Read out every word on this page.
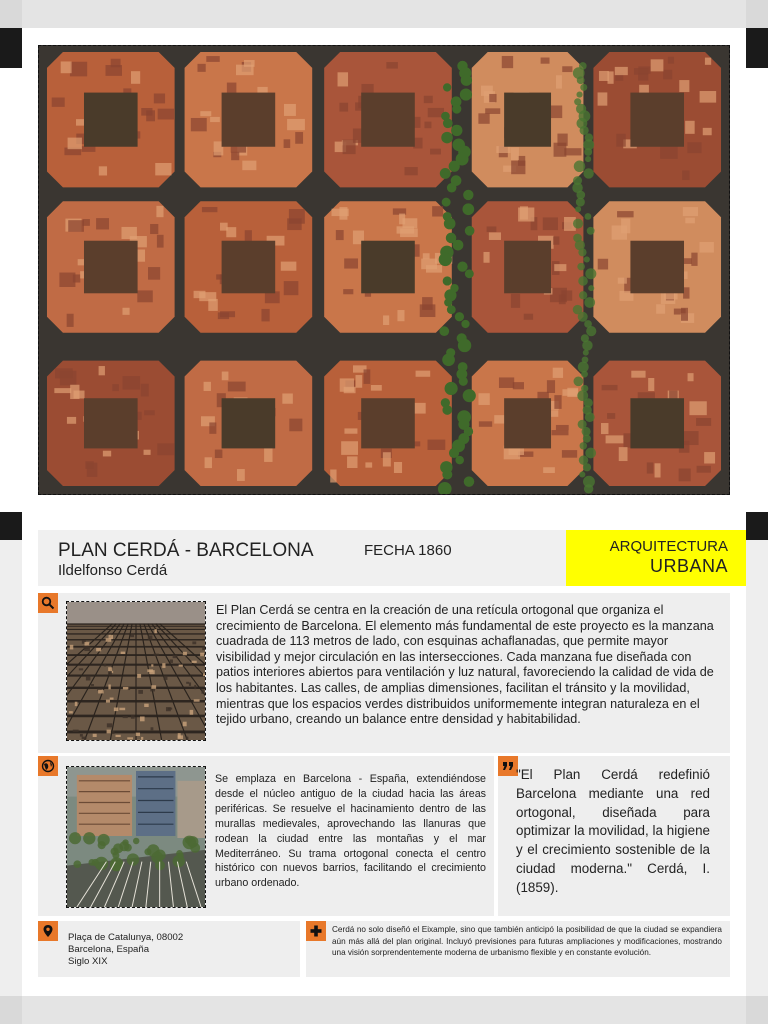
PLAN CERDÁ - BARCELONA	FECHA 1860
Ildelfonso Cerdá
ARQUITECTURA
URBANA
El Plan Cerdá se centra en la creación de una retícula ortogonal que organiza el crecimiento de Barcelona. El elemento más fundamental de este proyecto es la manzana cuadrada de 113 metros de lado, con esquinas achaflanadas, que permite mayor visibilidad y mejor circulación en las intersecciones. Cada manzana fue diseñada con patios interiores abiertos para ventilación y luz natural, favoreciendo la calidad de vida de los habitantes. Las calles, de amplias dimensiones, facilitan el tránsito y la movilidad, mientras que los espacios verdes distribuidos uniformemente integran naturaleza en el tejido urbano, creando un balance entre densidad y habitabilidad.
Se emplaza en Barcelona - España, extendiéndose desde el núcleo antiguo de la ciudad hacia las áreas periféricas. Se resuelve el hacinamiento dentro de las murallas medievales, aprovechando las llanuras que rodean la ciudad entre las montañas y el mar Mediterráneo. Su trama ortogonal conecta el centro histórico con nuevos barrios, facilitando el crecimiento urbano ordenado.
"El Plan Cerdá redefinió Barcelona mediante una red ortogonal, diseñada para optimizar la movilidad, la higiene y el crecimiento sostenible de la ciudad moderna." Cerdá, I. (1859).
Plaça de Catalunya, 08002
Barcelona, España
Siglo XIX
Cerdá no solo diseñó el Eixample, sino que también anticipó la posibilidad de que la ciudad se expandiera aún más allá del plan original. Incluyó previsiones para futuras ampliaciones y modificaciones, mostrando una visión sorprendentemente moderna de urbanismo flexible y en constante evolución.
